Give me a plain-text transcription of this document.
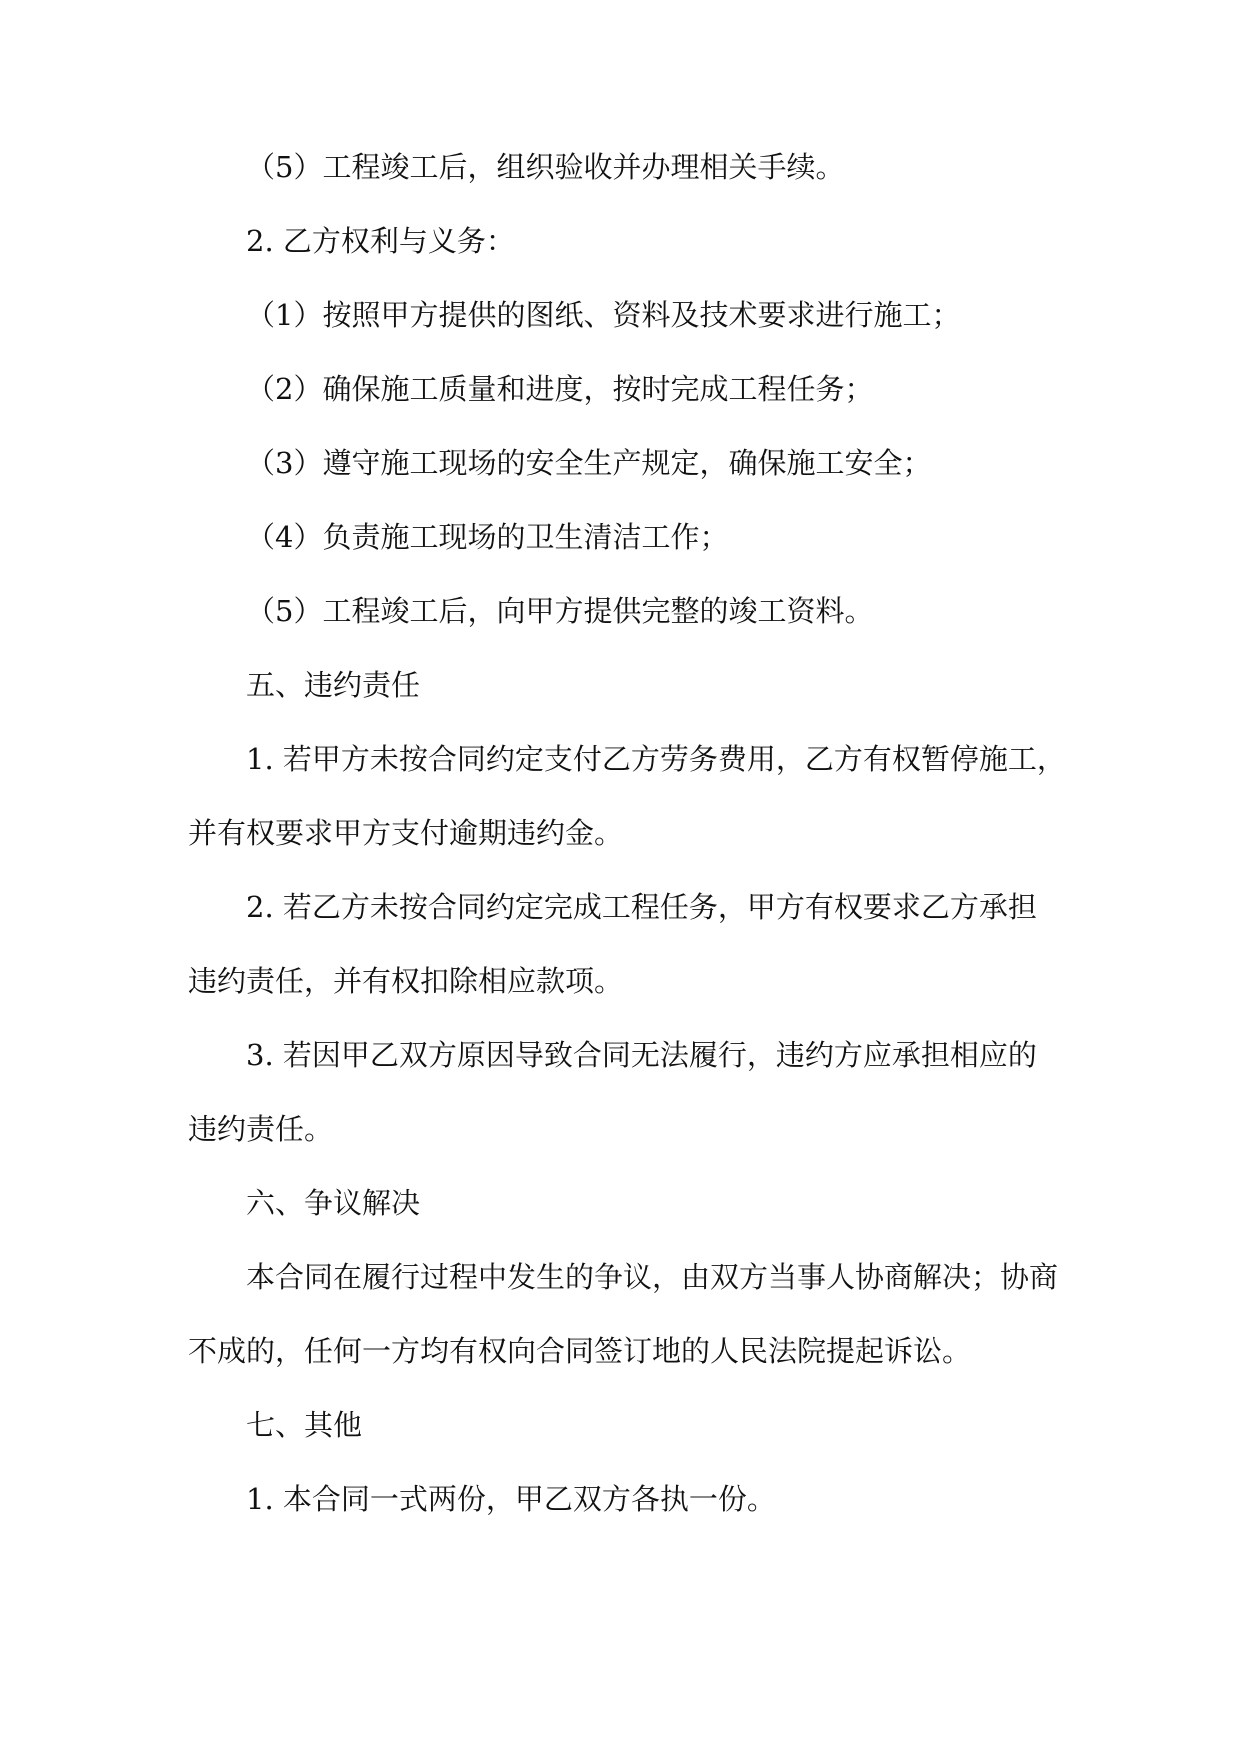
（5）工程竣工后，组织验收并办理相关手续。

2. 乙方权利与义务：

（1）按照甲方提供的图纸、资料及技术要求进行施工；

（2）确保施工质量和进度，按时完成工程任务；

（3）遵守施工现场的安全生产规定，确保施工安全；

（4）负责施工现场的卫生清洁工作；

（5）工程竣工后，向甲方提供完整的竣工资料。

五、违约责任

1. 若甲方未按合同约定支付乙方劳务费用，乙方有权暂停施工，

并有权要求甲方支付逾期违约金。

2. 若乙方未按合同约定完成工程任务，甲方有权要求乙方承担

违约责任，并有权扣除相应款项。

3. 若因甲乙双方原因导致合同无法履行，违约方应承担相应的

违约责任。

六、争议解决

本合同在履行过程中发生的争议，由双方当事人协商解决；协商

不成的，任何一方均有权向合同签订地的人民法院提起诉讼。

七、其他

1. 本合同一式两份，甲乙双方各执一份。
